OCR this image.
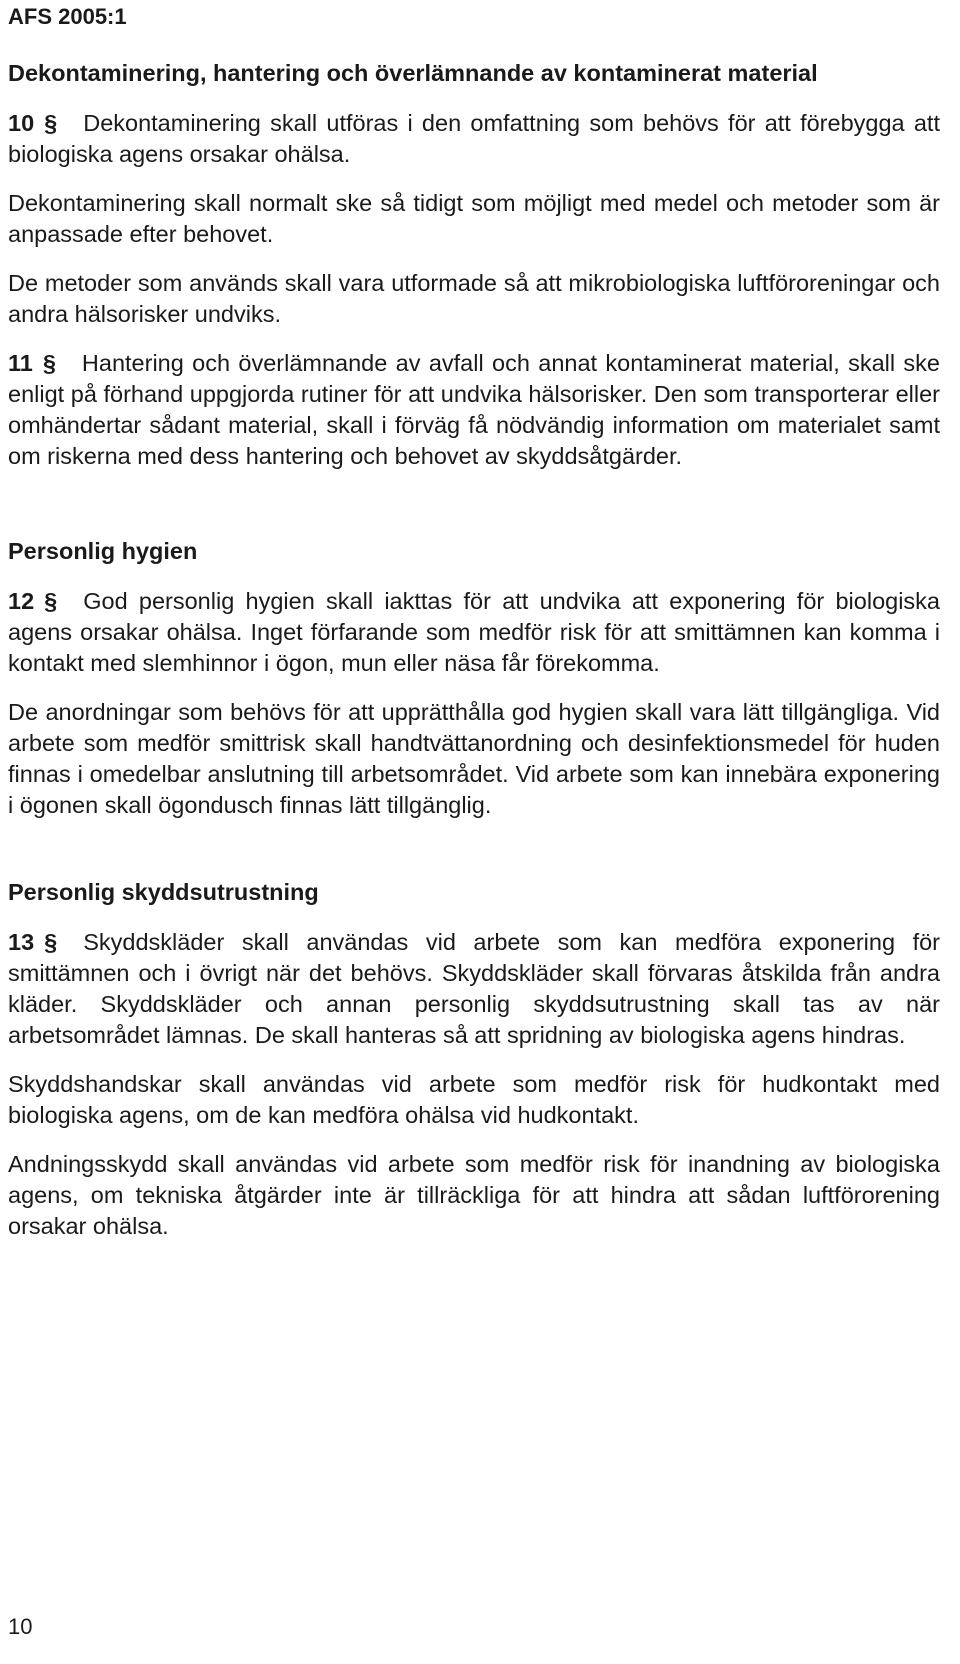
AFS 2005:1
Dekontaminering, hantering och överlämnande av kontaminerat material

10 § Dekontaminering skall utföras i den omfattning som behövs för att förebygga att biologiska agens orsakar ohälsa.

Dekontaminering skall normalt ske så tidigt som möjligt med medel och metoder som är anpassade efter behovet.

De metoder som används skall vara utformade så att mikrobiologiska luftföroreningar och andra hälsorisker undviks.

11 § Hantering och överlämnande av avfall och annat kontaminerat material, skall ske enligt på förhand uppgjorda rutiner för att undvika hälsorisker. Den som transporterar eller omhändertar sådant material, skall i förväg få nödvändig information om materialet samt om riskerna med dess hantering och behovet av skyddsåtgärder.

Personlig hygien

12 § God personlig hygien skall iakttas för att undvika att exponering för biologiska agens orsakar ohälsa. Inget förfarande som medför risk för att smittämnen kan komma i kontakt med slemhinnor i ögon, mun eller näsa får förekomma.

De anordningar som behövs för att upprätthålla god hygien skall vara lätt tillgängliga. Vid arbete som medför smittrisk skall handtvättanordning och desinfektionsmedel för huden finnas i omedelbar anslutning till arbetsområdet. Vid arbete som kan innebära exponering i ögonen skall ögondusch finnas lätt tillgänglig.

Personlig skyddsutrustning

13 § Skyddskläder skall användas vid arbete som kan medföra exponering för smittämnen och i övrigt när det behövs. Skyddskläder skall förvaras åtskilda från andra kläder. Skyddskläder och annan personlig skyddsutrustning skall tas av när arbetsområdet lämnas. De skall hanteras så att spridning av biologiska agens hindras.

Skyddshandskar skall användas vid arbete som medför risk för hudkontakt med biologiska agens, om de kan medföra ohälsa vid hudkontakt.

Andningsskydd skall användas vid arbete som medför risk för inandning av biologiska agens, om tekniska åtgärder inte är tillräckliga för att hindra att sådan luftförorening orsakar ohälsa.

10
